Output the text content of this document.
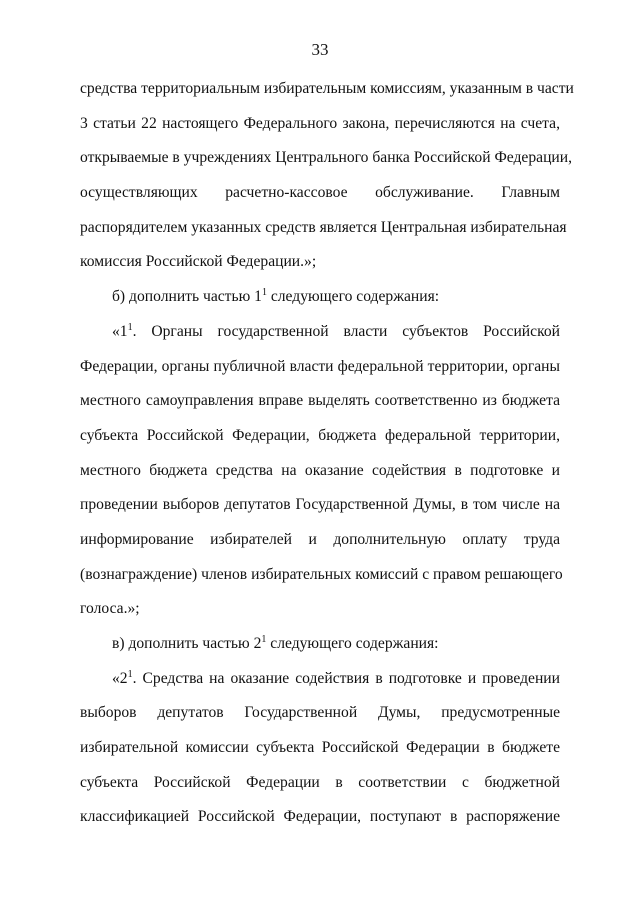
33
средства территориальным избирательным комиссиям, указанным в части
3 статьи 22 настоящего Федерального закона, перечисляются на счета,
открываемые в учреждениях Центрального банка Российской Федерации,
осуществляющих расчетно-кассовое обслуживание. Главным
распорядителем указанных средств является Центральная избирательная
комиссия Российской Федерации.»;
б) дополнить частью $1^1$ следующего содержания:
«$1^1$. Органы государственной власти субъектов Российской
Федерации, органы публичной власти федеральной территории, органы
местного самоуправления вправе выделять соответственно из бюджета
субъекта Российской Федерации, бюджета федеральной территории,
местного бюджета средства на оказание содействия в подготовке и
проведении выборов депутатов Государственной Думы, в том числе на
информирование избирателей и дополнительную оплату труда
(вознаграждение) членов избирательных комиссий с правом решающего
голоса.»;
в) дополнить частью $2^1$ следующего содержания:
«$2^1$. Средства на оказание содействия в подготовке и проведении
выборов депутатов Государственной Думы, предусмотренные
избирательной комиссии субъекта Российской Федерации в бюджете
субъекта Российской Федерации в соответствии с бюджетной
классификацией Российской Федерации, поступают в распоряжение
